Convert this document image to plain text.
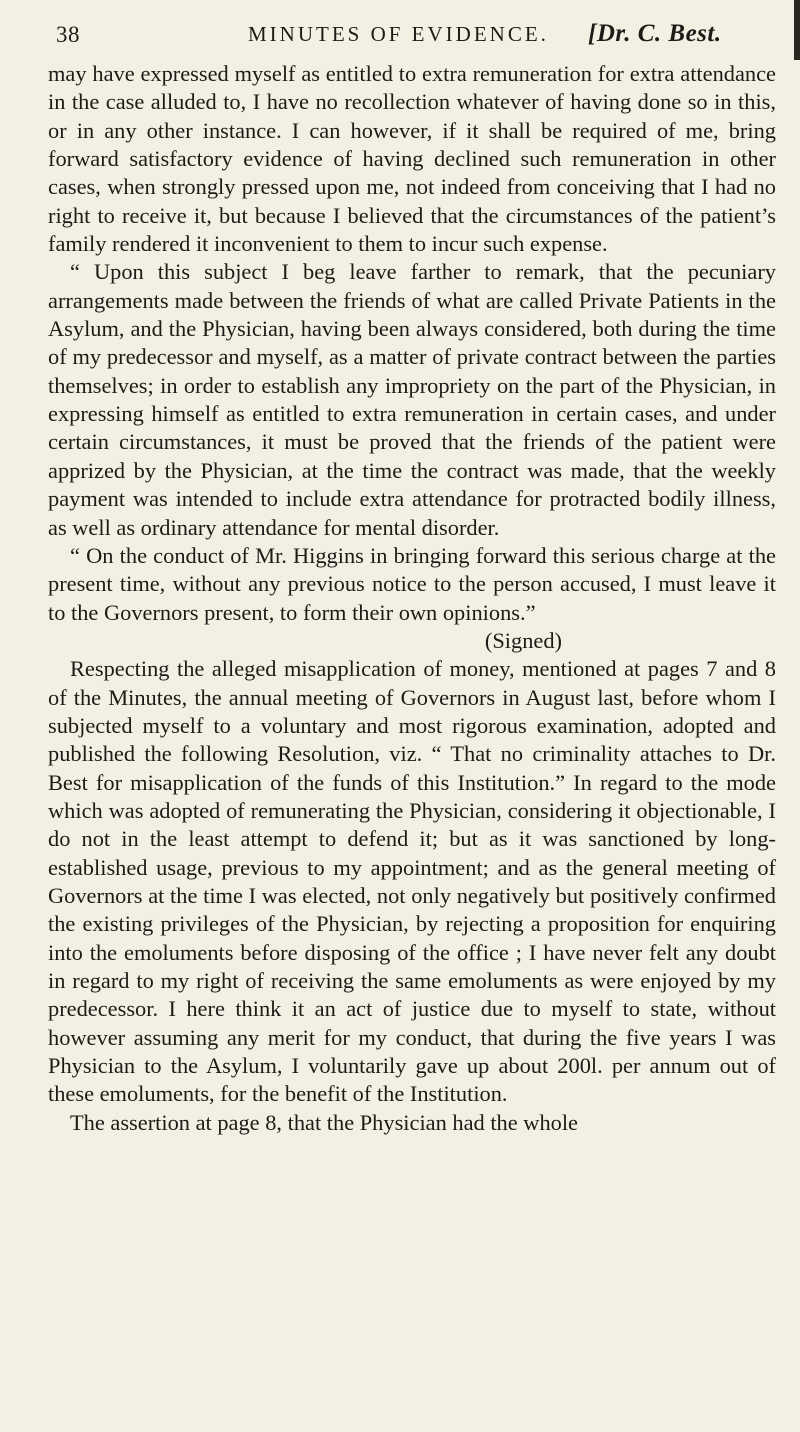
38	MINUTES OF EVIDENCE. [Dr. C. Best.

may have expressed myself as entitled to extra remuneration for extra attendance in the case alluded to, I have no recollection whatever of having done so in this, or in any other instance. I can however, if it shall be required of me, bring forward satisfactory evidence of having declined such remuneration in other cases, when strongly pressed upon me, not indeed from conceiving that I had no right to receive it, but because I believed that the circumstances of the patient’s family rendered it inconvenient to them to incur such expense.

“ Upon this subject I beg leave farther to remark, that the pecuniary arrangements made between the friends of what are called Private Patients in the Asylum, and the Physician, having been always considered, both during the time of my predecessor and myself, as a matter of private contract between the parties themselves; in order to establish any impropriety on the part of the Physician, in expressing himself as entitled to extra remuneration in certain cases, and under certain circumstances, it must be proved that the friends of the patient were apprized by the Physician, at the time the contract was made, that the weekly payment was intended to include extra attendance for protracted bodily illness, as well as ordinary attendance for mental disorder.

“ On the conduct of Mr. Higgins in bringing forward this serious charge at the present time, without any previous notice to the person accused, I must leave it to the Governors present, to form their own opinions.”

(Signed)

Respecting the alleged misapplication of money, mentioned at pages 7 and 8 of the Minutes, the annual meeting of Governors in August last, before whom I subjected myself to a voluntary and most rigorous examination, adopted and published the following Resolution, viz. “ That no criminality attaches to Dr. Best for misapplication of the funds of this Institution.” In regard to the mode which was adopted of remunerating the Physician, considering it objectionable, I do not in the least attempt to defend it; but as it was sanctioned by long-established usage, previous to my appointment; and as the general meeting of Governors at the time I was elected, not only negatively but positively confirmed the existing privileges of the Physician, by rejecting a proposition for enquiring into the emoluments before disposing of the office ; I have never felt any doubt in regard to my right of receiving the same emoluments as were enjoyed by my predecessor. I here think it an act of justice due to myself to state, without however assuming any merit for my conduct, that during the five years I was Physician to the Asylum, I voluntarily gave up about 200l. per annum out of these emoluments, for the benefit of the Institution.

The assertion at page 8, that the Physician had the whole
